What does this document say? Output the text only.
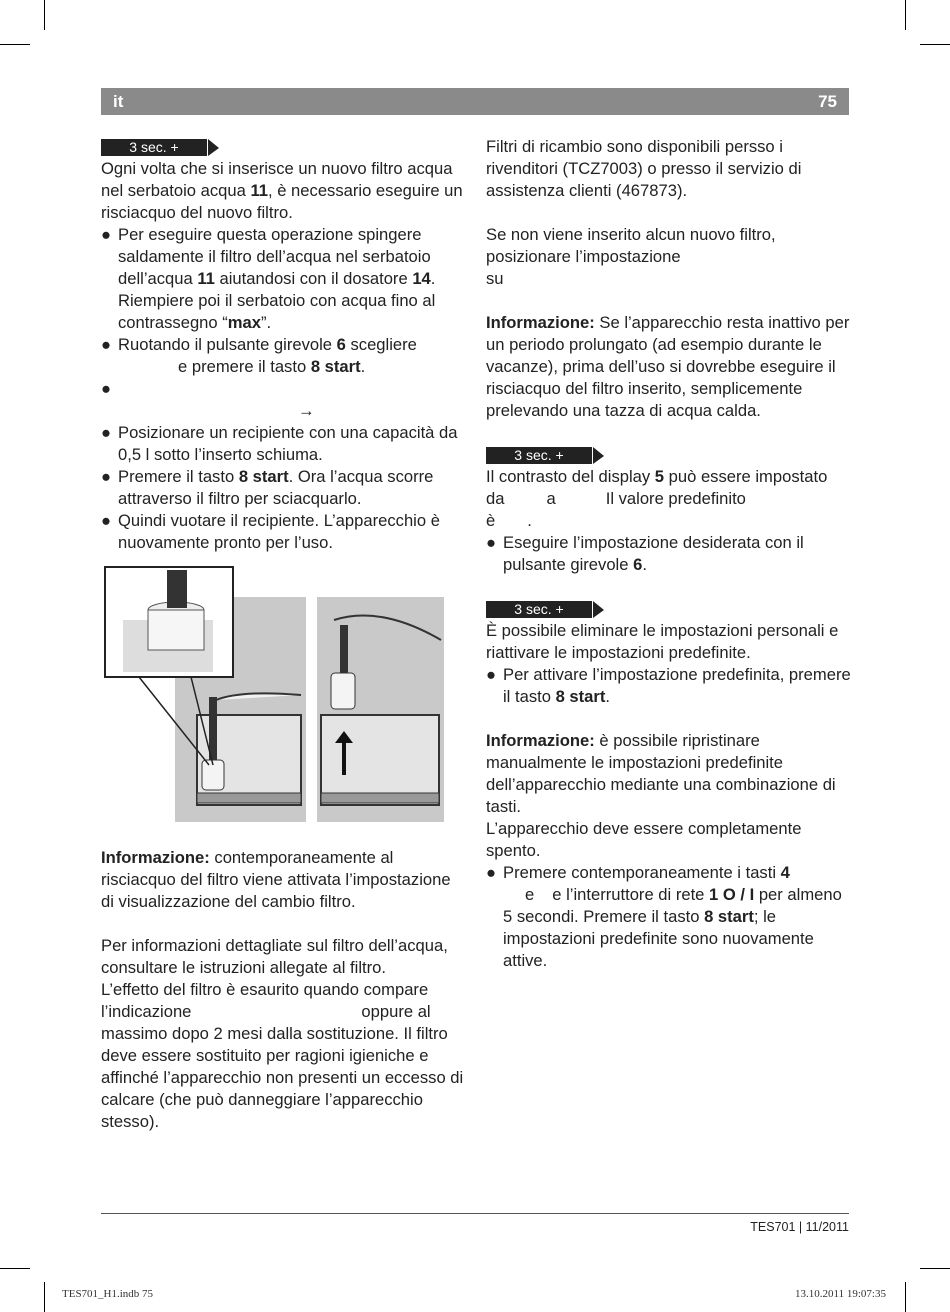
it	75
3 sec. +

Ogni volta che si inserisce un nuovo filtro acqua nel serbatoio acqua 11, è necessario eseguire un risciacquo del nuovo filtro.

● Per eseguire questa operazione spingere saldamente il filtro dell’acqua nel serbatoio dell’acqua 11 aiutandosi con il dosatore 14. Riempiere poi il serbatoio con acqua fino al contrassegno “max”.
● Ruotando il pulsante girevole 6 scegliere
e premere il tasto 8 start.
●

→
● Posizionare un recipiente con una capacità da 0,5 l sotto l’inserto schiuma.
● Premere il tasto 8 start. Ora l’acqua scorre attraverso il filtro per sciacquarlo.
● Quindi vuotare il recipiente. L’apparecchio è nuovamente pronto per l’uso.

Informazione: contemporaneamente al risciacquo del filtro viene attivata l’impostazione di visualizzazione del cambio filtro.

Per informazioni dettagliate sul filtro dell’acqua, consultare le istruzioni allegate al filtro.

L’effetto del filtro è esaurito quando compare l’indicazione	oppure al massimo dopo 2 mesi dalla sostituzione. Il filtro deve essere sostituito per ragioni igieniche e affinché l’apparecchio non presenti un eccesso di calcare (che può danneggiare l’apparecchio stesso).

Filtri di ricambio sono disponibili persso i rivenditori (TCZ7003) o presso il servizio di assistenza clienti (467873).

Se non viene inserito alcun nuovo filtro, posizionare l’impostazione
su

Informazione: Se l’apparecchio resta inattivo per un periodo prolungato (ad esempio durante le vacanze), prima dell’uso si dovrebbe eseguire il risciacquo del filtro inserito, semplicemente prelevando una tazza di acqua calda.

3 sec. +

Il contrasto del display 5 può essere impostato da	a	Il valore predefinito
è .

● Eseguire l’impostazione desiderata con il pulsante girevole 6.
3 sec. +

È possibile eliminare le impostazioni personali e riattivare le impostazioni predefinite.

● Per attivare l’impostazione predefinita, premere il tasto 8 start.

Informazione: è possibile ripristinare manualmente le impostazioni predefinite dell’apparecchio mediante una combinazione di tasti.

L’apparecchio deve essere completamente spento.

● Premere contemporaneamente i tasti 4
e e l’interruttore di rete 1 O / I per almeno 5 secondi. Premere il tasto 8 start; le impostazioni predefinite sono nuovamente attive.
TES701 | 11/2011
TES701_H1.indb 75	13.10.2011 19:07:35
